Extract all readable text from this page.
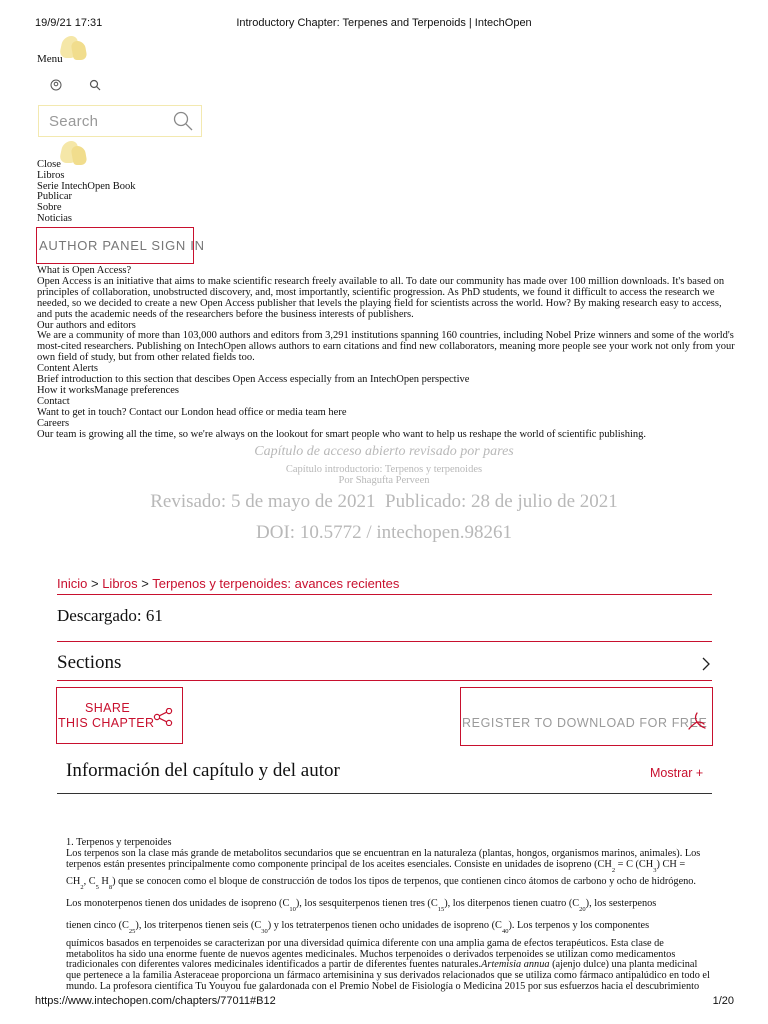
19/9/21 17:31	Introductory Chapter: Terpenes and Terpenoids | IntechOpen
Menu
Search
Close
Libros
Serie IntechOpen Book
Publicar
Sobre
Noticias
AUTHOR PANEL SIGN IN
What is Open Access?
Open Access is an initiative that aims to make scientific research freely available to all. To date our community has made over 100 million downloads. It's based on principles of collaboration, unobstructed discovery, and, most importantly, scientific progression. As PhD students, we found it difficult to access the research we needed, so we decided to create a new Open Access publisher that levels the playing field for scientists across the world. How? By making research easy to access, and puts the academic needs of the researchers before the business interests of publishers.
Our authors and editors
We are a community of more than 103,000 authors and editors from 3,291 institutions spanning 160 countries, including Nobel Prize winners and some of the world's most-cited researchers. Publishing on IntechOpen allows authors to earn citations and find new collaborators, meaning more people see your work not only from your own field of study, but from other related fields too.
Content Alerts
Brief introduction to this section that descibes Open Access especially from an IntechOpen perspective
How it worksManage preferences
Contact
Want to get in touch? Contact our London head office or media team here
Careers
Our team is growing all the time, so we're always on the lookout for smart people who want to help us reshape the world of scientific publishing.
Capítulo de acceso abierto revisado por pares
Capítulo introductorio: Terpenos y terpenoides
Por Shagufta Perveen
Revisado: 5 de mayo de 2021  Publicado: 28 de julio de 2021
DOI: 10.5772 / intechopen.98261
Inicio > Libros > Terpenos y terpenoides: avances recientes
Descargado: 61
Sections
SHARE
THIS CHAPTER	REGISTER TO DOWNLOAD FOR FREE
Información del capítulo y del autor	Mostrar +
1. Terpenos y terpenoides
Los terpenos son la clase más grande de metabolitos secundarios que se encuentran en la naturaleza (plantas, hongos, organismos marinos, animales). Los terpenos están presentes principalmente como componente principal de los aceites esenciales. Consiste en unidades de isopreno ($CH_2 = C$ $(CH_3)$ CH =
$CH_2$, $C_5$ $H_8$) que se conocen como el bloque de construcción de todos los tipos de terpenos, que contienen cinco átomos de carbono y ocho de hidrógeno.
Los monoterpenos tienen dos unidades de isopreno $(C_{10})$, los sesquiterpenos tienen tres $(C_{15})$, los diterpenos tienen cuatro $(C_{20})$, los sesterpenos
tienen cinco $(C_{25})$, los triterpenos tienen seis $(C_{30})$ y los tetraterpenos tienen ocho unidades de isopreno $(C_{40})$. Los terpenos y los componentes
químicos basados en terpenoides se caracterizan por una diversidad química diferente con una amplia gama de efectos terapéuticos. Esta clase de metabolitos ha sido una enorme fuente de nuevos agentes medicinales. Muchos terpenoides o derivados terpenoides se utilizan como medicamentos tradicionales con diferentes valores medicinales identificados a partir de diferentes fuentes naturales.Artemisia annua (ajenjo dulce) una planta medicinal que pertenece a la familia Asteraceae proporciona un fármaco artemisinina y sus derivados relacionados que se utiliza como fármaco antipalúdico en todo el mundo. La profesora científica Tu Youyou fue galardonada con el Premio Nobel de Fisiología o Medicina 2015 por sus esfuerzos hacia el descubrimiento
https://www.intechopen.com/chapters/77011#B12	1/20
